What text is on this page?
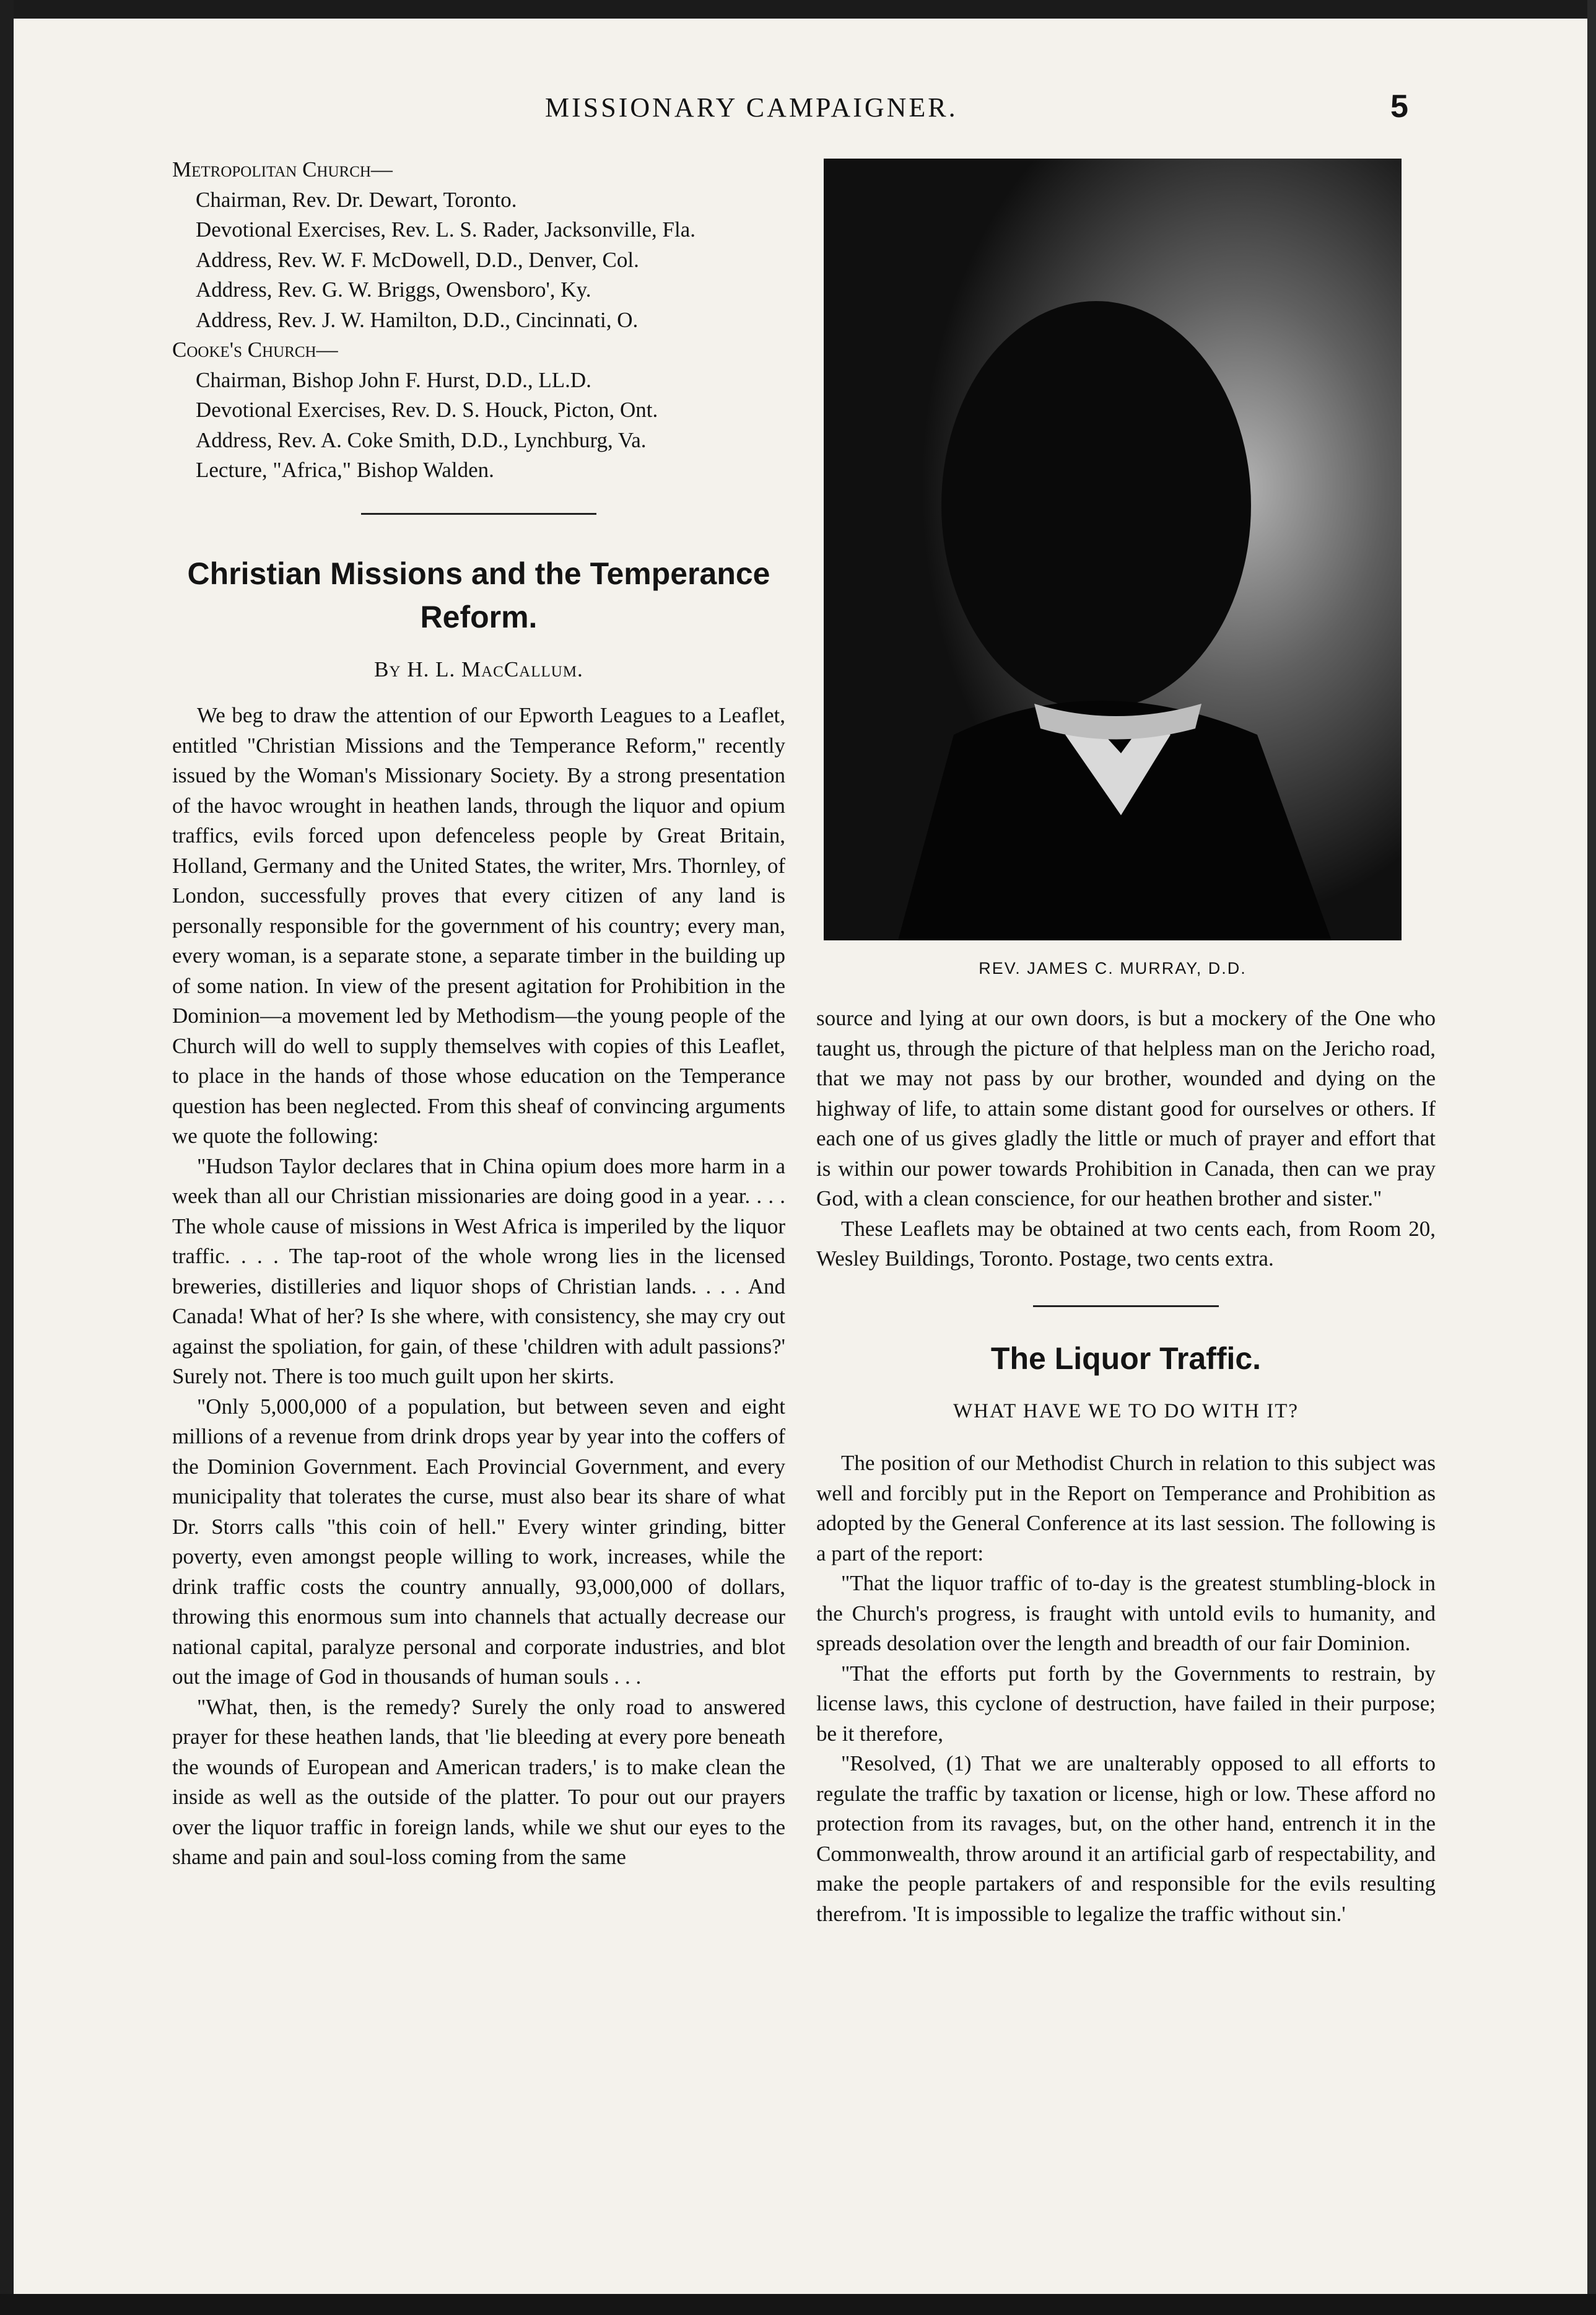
MISSIONARY CAMPAIGNER.	5

Metropolitan Church—

Chairman, Rev. Dr. Dewart, Toronto.

Devotional Exercises, Rev. L. S. Rader, Jacksonville, Fla.

Address, Rev. W. F. McDowell, D.D., Denver, Col.

Address, Rev. G. W. Briggs, Owensboro', Ky.

Address, Rev. J. W. Hamilton, D.D., Cincinnati, O.

Cooke's Church—

Chairman, Bishop John F. Hurst, D.D., LL.D.

Devotional Exercises, Rev. D. S. Houck, Picton, Ont.

Address, Rev. A. Coke Smith, D.D., Lynchburg, Va.

Lecture, "Africa," Bishop Walden.

Christian Missions and the Temperance Reform.
By H. L. MacCallum.

We beg to draw the attention of our Epworth Leagues to a Leaflet, entitled "Christian Missions and the Temperance Reform," recently issued by the Woman's Missionary Society. By a strong presentation of the havoc wrought in heathen lands, through the liquor and opium traffics, evils forced upon defenceless people by Great Britain, Holland, Germany and the United States, the writer, Mrs. Thornley, of London, successfully proves that every citizen of any land is personally responsible for the government of his country; every man, every woman, is a separate stone, a separate timber in the building up of some nation. In view of the present agitation for Prohibition in the Dominion—a movement led by Methodism—the young people of the Church will do well to supply themselves with copies of this Leaflet, to place in the hands of those whose education on the Temperance question has been neglected. From this sheaf of convincing arguments we quote the following:

"Hudson Taylor declares that in China opium does more harm in a week than all our Christian missionaries are doing good in a year. . . . The whole cause of missions in West Africa is imperiled by the liquor traffic. . . . The tap-root of the whole wrong lies in the licensed breweries, distilleries and liquor shops of Christian lands. . . . And Canada! What of her? Is she where, with consistency, she may cry out against the spoliation, for gain, of these 'children with adult passions?' Surely not. There is too much guilt upon her skirts.

"Only 5,000,000 of a population, but between seven and eight millions of a revenue from drink drops year by year into the coffers of the Dominion Government. Each Provincial Government, and every municipality that tolerates the curse, must also bear its share of what Dr. Storrs calls "this coin of hell." Every winter grinding, bitter poverty, even amongst people willing to work, increases, while the drink traffic costs the country annually, 93,000,000 of dollars, throwing this enormous sum into channels that actually decrease our national capital, paralyze personal and corporate industries, and blot out the image of God in thousands of human souls . . .

"What, then, is the remedy? Surely the only road to answered prayer for these heathen lands, that 'lie bleeding at every pore beneath the wounds of European and American traders,' is to make clean the inside as well as the outside of the platter. To pour out our prayers over the liquor traffic in foreign lands, while we shut our eyes to the shame and pain and soul-loss coming from the same

REV. JAMES C. MURRAY, D.D.

source and lying at our own doors, is but a mockery of the One who taught us, through the picture of that helpless man on the Jericho road, that we may not pass by our brother, wounded and dying on the highway of life, to attain some distant good for ourselves or others. If each one of us gives gladly the little or much of prayer and effort that is within our power towards Prohibition in Canada, then can we pray God, with a clean conscience, for our heathen brother and sister."

These Leaflets may be obtained at two cents each, from Room 20, Wesley Buildings, Toronto. Postage, two cents extra.

The Liquor Traffic.
WHAT HAVE WE TO DO WITH IT?

The position of our Methodist Church in relation to this subject was well and forcibly put in the Report on Temperance and Prohibition as adopted by the General Conference at its last session. The following is a part of the report:

"That the liquor traffic of to-day is the greatest stumbling-block in the Church's progress, is fraught with untold evils to humanity, and spreads desolation over the length and breadth of our fair Dominion.

"That the efforts put forth by the Governments to restrain, by license laws, this cyclone of destruction, have failed in their purpose; be it therefore,

"Resolved, (1) That we are unalterably opposed to all efforts to regulate the traffic by taxation or license, high or low. These afford no protection from its ravages, but, on the other hand, entrench it in the Commonwealth, throw around it an artificial garb of respectability, and make the people partakers of and responsible for the evils resulting therefrom. 'It is impossible to legalize the traffic without sin.'
